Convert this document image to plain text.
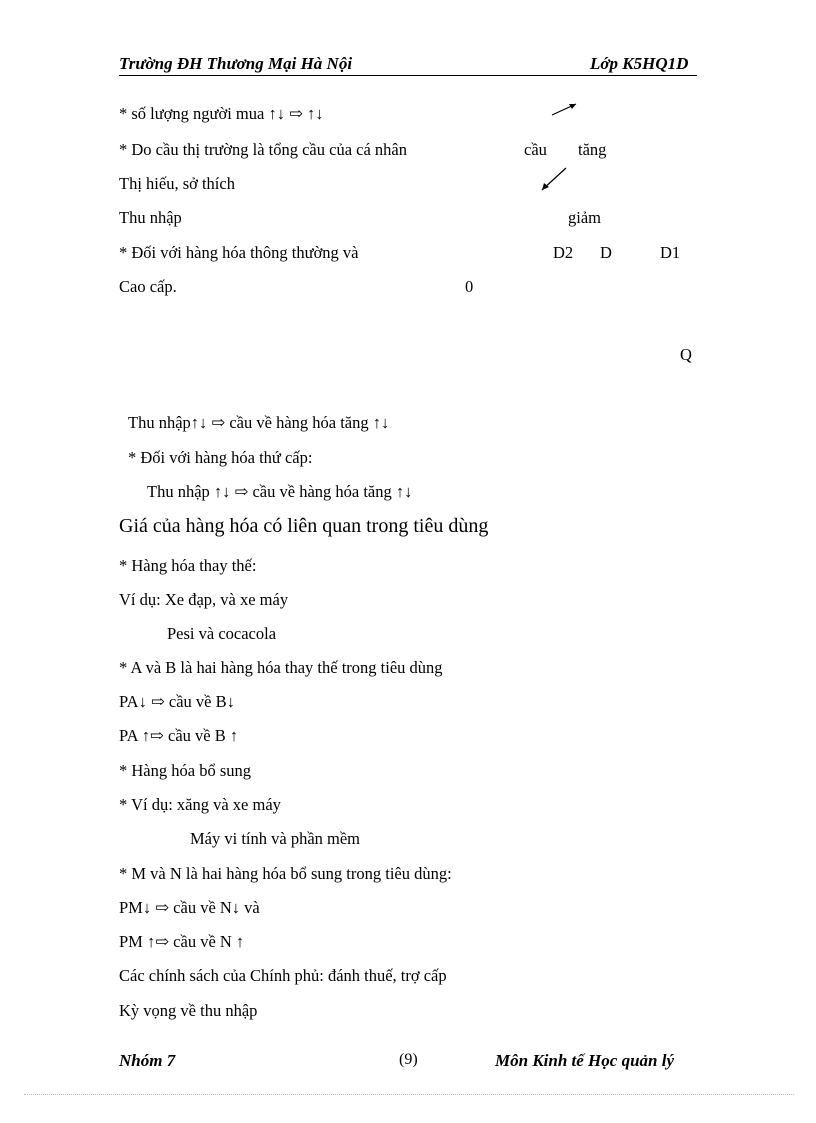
Trường ĐH Thương Mại Hà Nội	Lớp K5HQ1D
cầu tăng
giảm
D2 D	D1
0
Q
* số lượng người mua ↑↓ ⇨ ↑↓
* Do cầu thị trường là tổng cầu của cá nhân
Thị hiếu, sở thích
Thu nhập
* Đối với hàng hóa thông thường và
Cao cấp.
Thu nhập↑↓ ⇨ cầu về hàng hóa tăng ↑↓
* Đối với hàng hóa thứ cấp:
Thu nhập ↑↓ ⇨ cầu về hàng hóa tăng ↑↓
Giá của hàng hóa có liên quan trong tiêu dùng
* Hàng hóa thay thế:
Ví dụ: Xe đạp, và xe máy
Pesi và cocacola
* A và B là hai hàng hóa thay thế trong tiêu dùng
PA↓ ⇨ cầu về B↓
PA ↑⇨ cầu về B ↑
* Hàng hóa bổ sung
* Ví dụ: xăng và xe máy
Máy vi tính và phần mềm
* M và N là hai hàng hóa bổ sung trong tiêu dùng:
PM↓ ⇨ cầu về N↓ và
PM ↑⇨ cầu về N ↑
Các chính sách của Chính phủ: đánh thuế, trợ cấp
Kỳ vọng về thu nhập
Nhóm 7	(9)	Môn Kinh tế Học quản lý
